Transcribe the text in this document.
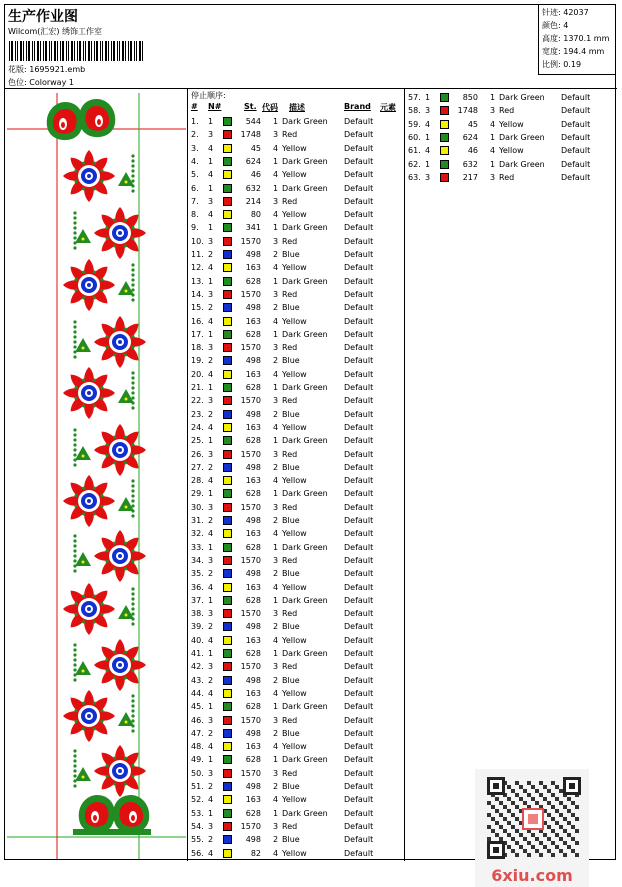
生产作业图
Wilcom(汇宏) 绣饰工作室
花版: 1695921.emb
色位: Colorway 1
针迹: 42037
颜色: 4
高度: 1370.1 mm
宽度: 194.4 mm
比例: 0.19
停止顺序:
# N#	St. 代码 描述	Brand 元素
1.	1	544 1 Dark Green Default
2.	3	1748 3 Red	Default
3.	4	45 4 Yellow	Default
4.	1	624 1 Dark Green Default
5.	4	46 4 Yellow	Default
6.	1	632 1 Dark Green Default
7.	3	214 3 Red	Default
8.	4	80 4 Yellow	Default
9.	1	341 1 Dark Green Default
10. 3	1570 3 Red	Default
11. 2	498 2 Blue	Default
12. 4	163 4 Yellow	Default
13. 1	628 1 Dark Green Default
14. 3	1570 3 Red	Default
15. 2	498 2 Blue	Default
16. 4	163 4 Yellow	Default
17. 1	628 1 Dark Green Default
18. 3	1570 3 Red	Default
19. 2	498 2 Blue	Default
20. 4	163 4 Yellow	Default
21. 1	628 1 Dark Green Default
22. 3	1570 3 Red	Default
23. 2	498 2 Blue	Default
24. 4	163 4 Yellow	Default
25. 1	628 1 Dark Green Default
26. 3	1570 3 Red	Default
27. 2	498 2 Blue	Default
28. 4	163 4 Yellow	Default
29. 1	628 1 Dark Green Default
30. 3	1570 3 Red	Default
31. 2	498 2 Blue	Default
32. 4	163 4 Yellow	Default
33. 1	628 1 Dark Green Default
34. 3	1570 3 Red	Default
35. 2	498 2 Blue	Default
36. 4	163 4 Yellow	Default
37. 1	628 1 Dark Green Default
38. 3	1570 3 Red	Default
39. 2	498 2 Blue	Default
40. 4	163 4 Yellow	Default
41. 1	628 1 Dark Green Default
42. 3	1570 3 Red	Default
43. 2	498 2 Blue	Default
44. 4	163 4 Yellow	Default
45. 1	628 1 Dark Green Default
46. 3	1570 3 Red	Default
47. 2	498 2 Blue	Default
48. 4	163 4 Yellow	Default
49. 1	628 1 Dark Green Default
50. 3	1570 3 Red	Default
51. 2	498 2 Blue	Default
52. 4	163 4 Yellow	Default
53. 1	628 1 Dark Green Default
54. 3	1570 3 Red	Default
55. 2	498 2 Blue	Default
56. 4	82 4 Yellow	Default
57. 1	850 1 Dark Green Default
58. 3	1748 3 Red	Default
59. 4	45 4 Yellow	Default
60. 1	624 1 Dark Green Default
61. 4	46 4 Yellow	Default
62. 1	632 1 Dark Green Default
63. 3	217 3 Red	Default
6xiu.com
